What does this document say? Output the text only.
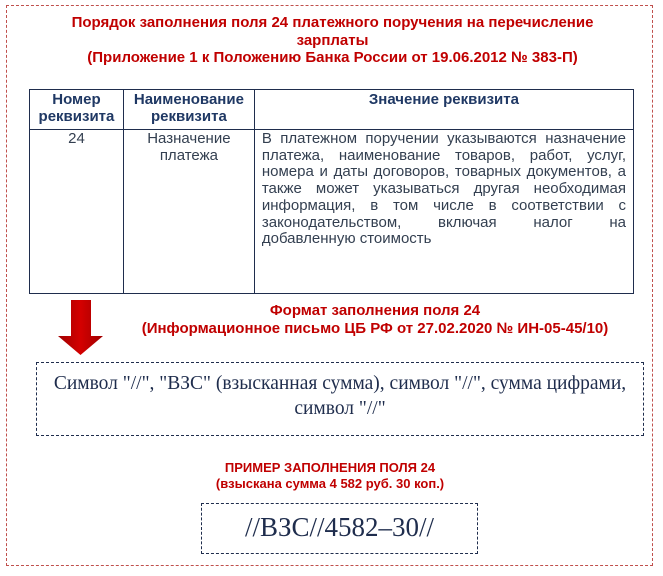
Порядок заполнения поля 24 платежного поручения на перечисление
зарплаты
(Приложение 1 к Положению Банка России от 19.06.2012 № 383-П)
Номер реквизита	Наименование реквизита	Значение реквизита
24	Назначение платежа	В платежном поручении указываются назначение платежа, наименование товаров, работ, услуг, номера и даты договоров, товарных документов, а также может указываться другая необходимая информация, в том числе в соответствии с законодательством, включая налог на добавленную стоимость
Формат заполнения поля 24
(Информационное письмо ЦБ РФ от 27.02.2020 № ИН-05-45/10)
Символ "//", "ВЗС" (взысканная сумма), символ "//", сумма цифрами, символ "//"
ПРИМЕР ЗАПОЛНЕНИЯ ПОЛЯ 24
(взыскана сумма 4 582 руб. 30 коп.)
//ВЗС//4582–30//
